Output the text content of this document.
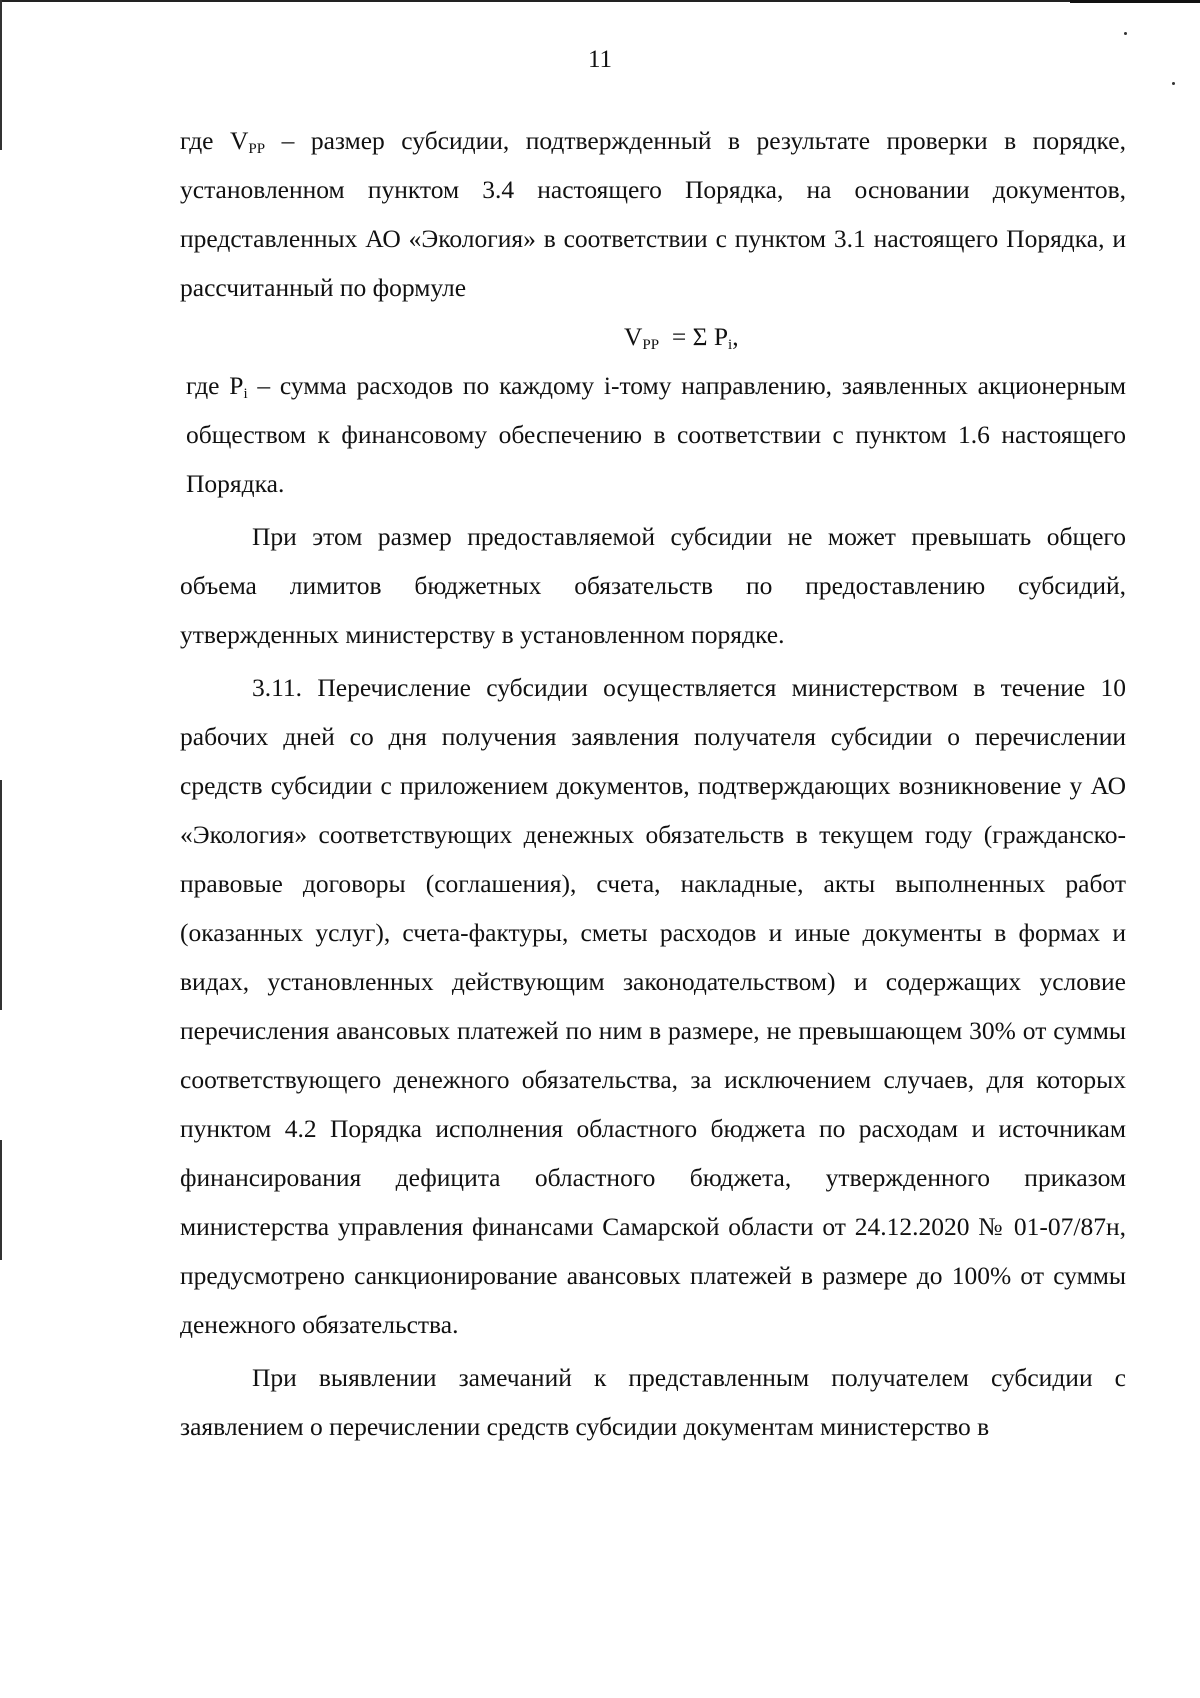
11

где $V_{PP}$ – размер субсидии, подтвержденный в результате проверки в порядке, установленном пунктом 3.4 настоящего Порядка, на основании документов, представленных АО «Экология» в соответствии с пунктом 3.1 настоящего Порядка, и рассчитанный по формуле

$V_{PP} = \Sigma$ $P_i$,

где $P_i$ – сумма расходов по каждому i-тому направлению, заявленных акционерным обществом к финансовому обеспечению в соответствии с пунктом 1.6 настоящего Порядка.

При этом размер предоставляемой субсидии не может превышать общего объема лимитов бюджетных обязательств по предоставлению субсидий, утвержденных министерству в установленном порядке.

3.11. Перечисление субсидии осуществляется министерством в течение 10 рабочих дней со дня получения заявления получателя субсидии о перечислении средств субсидии с приложением документов, подтверждающих возникновение у АО «Экология» соответствующих денежных обязательств в текущем году (гражданско-правовые договоры (соглашения), счета, накладные, акты выполненных работ (оказанных услуг), счета-фактуры, сметы расходов и иные документы в формах и видах, установленных действующим законодательством) и содержащих условие перечисления авансовых платежей по ним в размере, не превышающем 30% от суммы соответствующего денежного обязательства, за исключением случаев, для которых пунктом 4.2 Порядка исполнения областного бюджета по расходам и источникам финансирования дефицита областного бюджета, утвержденного приказом министерства управления финансами Самарской области от 24.12.2020 № 01-07/87н, предусмотрено санкционирование авансовых платежей в размере до 100% от суммы денежного обязательства.

При выявлении замечаний к представленным получателем субсидии с заявлением о перечислении средств субсидии документам министерство в
